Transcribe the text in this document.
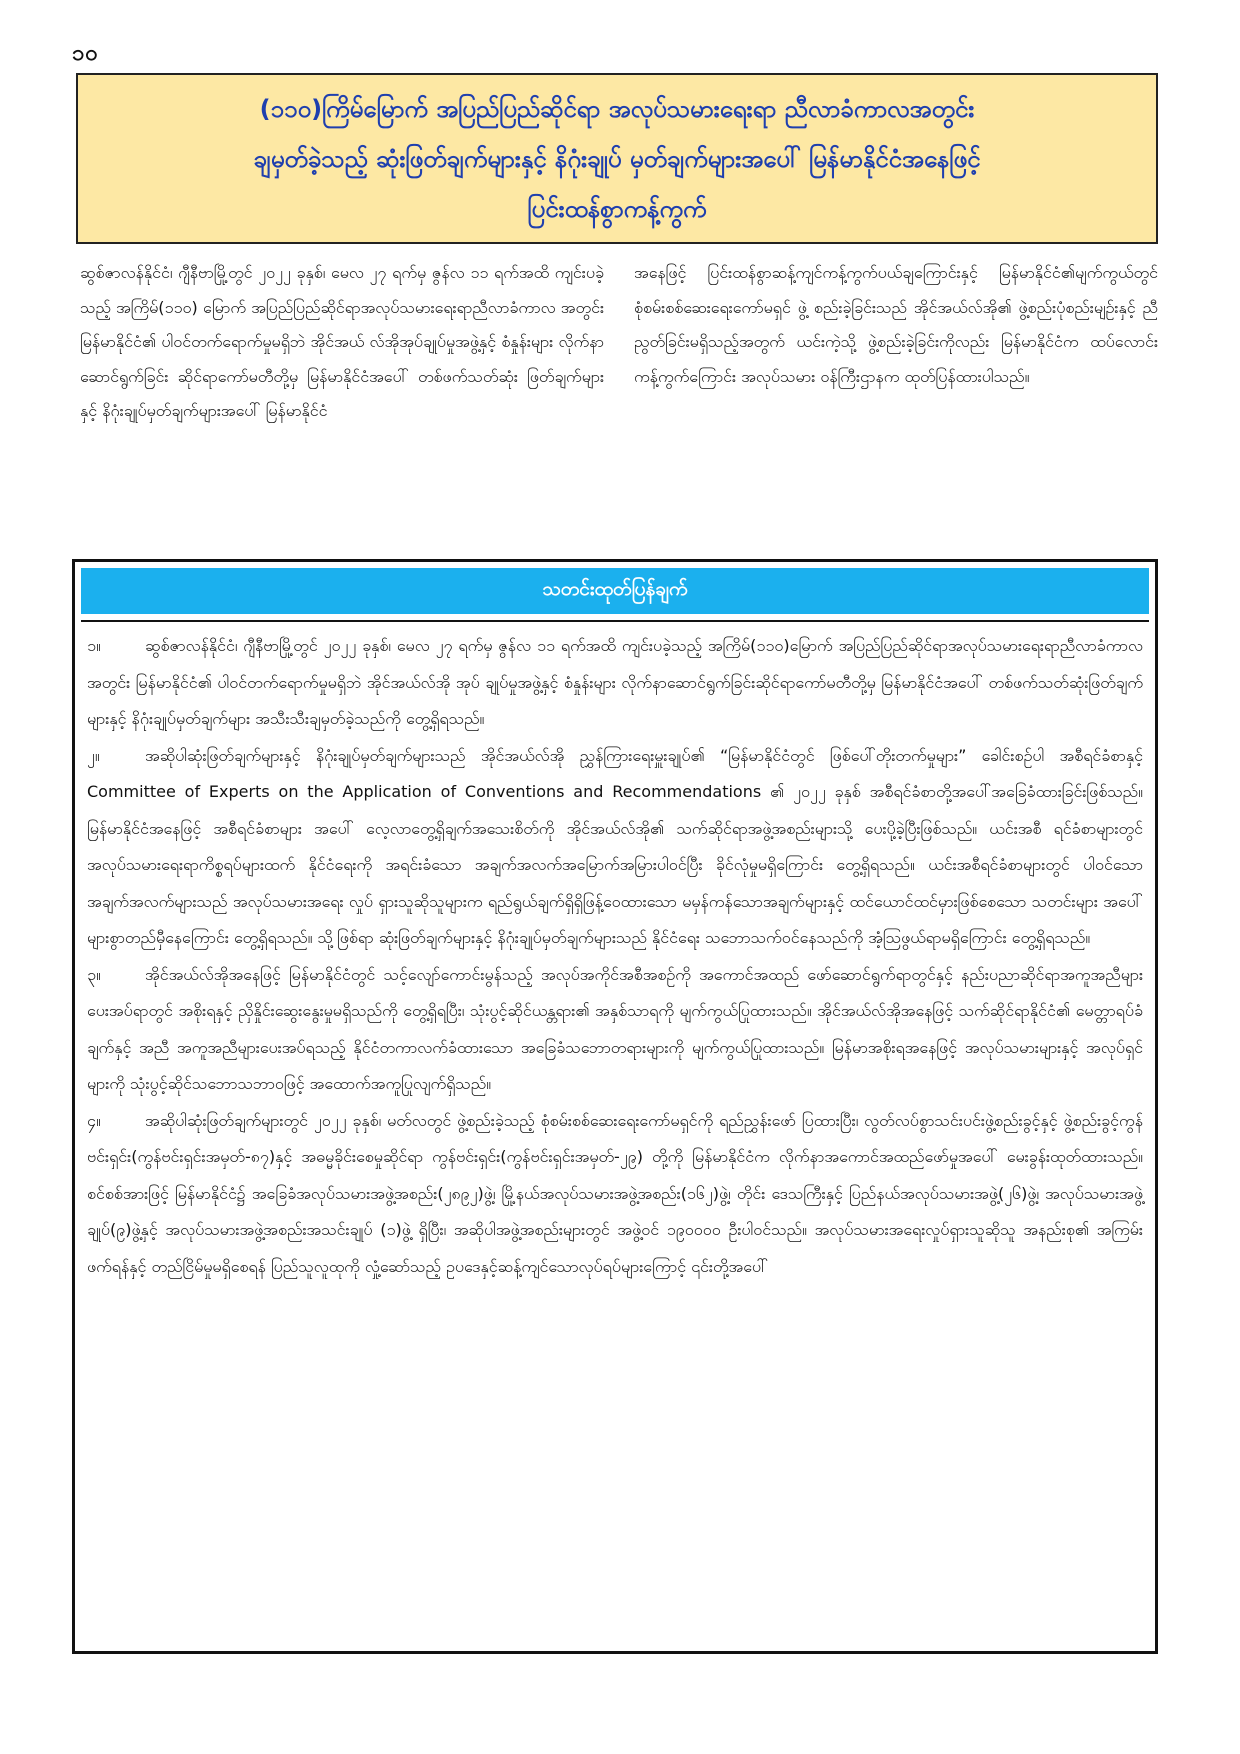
၁၀
(၁၁၀)ကြိမ်မြောက် အပြည်ပြည်ဆိုင်ရာ အလုပ်သမားရေးရာ ညီလာခံကာလအတွင်း
ချမှတ်ခဲ့သည့် ဆုံးဖြတ်ချက်များနှင့် နိဂုံးချုပ် မှတ်ချက်များအပေါ် မြန်မာနိုင်ငံအနေဖြင့်
ပြင်းထန်စွာကန့်ကွက်
ဆွစ်ဇာလန်နိုင်ငံ၊ ဂျီနီဗာမြို့တွင် ၂၀၂၂ ခုနှစ်၊ မေလ ၂၇ ရက်မှ ဇွန်လ ၁၁ ရက်အထိ ကျင်းပခဲ့သည့် အကြိမ်(၁၁၀) မြောက် အပြည်ပြည်ဆိုင်ရာအလုပ်သမားရေးရာညီလာခံကာလ အတွင်း မြန်မာနိုင်ငံ၏ ပါဝင်တက်ရောက်မှုမရှိဘဲ အိုင်အယ် လ်အိုအုပ်ချုပ်မှုအဖွဲ့နှင့် စံနှုန်းများ လိုက်နာဆောင်ရွက်ခြင်း ဆိုင်ရာကော်မတီတို့မှ မြန်မာနိုင်ငံအပေါ် တစ်ဖက်သတ်ဆုံး ဖြတ်ချက်များနှင့် နိဂုံးချုပ်မှတ်ချက်များအပေါ် မြန်မာနိုင်ငံ
အနေဖြင့် ပြင်းထန်စွာဆန့်ကျင်ကန့်ကွက်ပယ်ချကြောင်းနှင့် မြန်မာနိုင်ငံ၏မျက်ကွယ်တွင် စုံစမ်းစစ်ဆေးရေးကော်မရှင် ဖွဲ့ စည်းခဲ့ခြင်းသည် အိုင်အယ်လ်အို၏ ဖွဲ့စည်းပုံစည်းမျဉ်းနှင့် ညီ ညွတ်ခြင်းမရှိသည့်အတွက် ယင်းကဲ့သို့ ဖွဲ့စည်းခဲ့ခြင်းကိုလည်း မြန်မာနိုင်ငံက ထပ်လောင်းကန့်ကွက်ကြောင်း အလုပ်သမား ဝန်ကြီးဌာနက ထုတ်ပြန်ထားပါသည်။
သတင်းထုတ်ပြန်ချက်

၁။	ဆွစ်ဇာလန်နိုင်ငံ၊ ဂျီနီဗာမြို့တွင် ၂၀၂၂ ခုနှစ်၊ မေလ ၂၇ ရက်မှ ဇွန်လ ၁၁ ရက်အထိ ကျင်းပခဲ့သည့် အကြိမ်(၁၁၀)မြောက် အပြည်ပြည်ဆိုင်ရာအလုပ်သမားရေးရာညီလာခံကာလအတွင်း မြန်မာနိုင်ငံ၏ ပါဝင်တက်ရောက်မှုမရှိဘဲ အိုင်အယ်လ်အို အုပ် ချုပ်မှုအဖွဲ့နှင့် စံနှုန်းများ လိုက်နာဆောင်ရွက်ခြင်းဆိုင်ရာကော်မတီတို့မှ မြန်မာနိုင်ငံအပေါ် တစ်ဖက်သတ်ဆုံးဖြတ်ချက်များနှင့် နိဂုံးချုပ်မှတ်ချက်များ အသီးသီးချမှတ်ခဲ့သည်ကို တွေ့ရှိရသည်။

၂။	အဆိုပါဆုံးဖြတ်ချက်များနှင့် နိဂုံးချုပ်မှတ်ချက်များသည် အိုင်အယ်လ်အို ညွှန်ကြားရေးမှူးချုပ်၏ “မြန်မာနိုင်ငံတွင် ဖြစ်ပေါ်တိုးတက်မှုများ” ခေါင်းစဉ်ပါ အစီရင်ခံစာနှင့် Committee of Experts on the Application of Conventions and Recommendations ၏ ၂၀၂၂ ခုနှစ် အစီရင်ခံစာတို့အပေါ်အခြေခံထားခြင်းဖြစ်သည်။ မြန်မာနိုင်ငံအနေဖြင့် အစီရင်ခံစာများ အပေါ် လေ့လာတွေ့ရှိချက်အသေးစိတ်ကို အိုင်အယ်လ်အို၏ သက်ဆိုင်ရာအဖွဲ့အစည်းများသို့ ပေးပို့ခဲ့ပြီးဖြစ်သည်။ ယင်းအစီ ရင်ခံစာများတွင် အလုပ်သမားရေးရာကိစ္စရပ်များထက် နိုင်ငံရေးကို အရင်းခံသော အချက်အလက်အမြောက်အမြားပါဝင်ပြီး ခိုင်လုံမှုမရှိကြောင်း တွေ့ရှိရသည်။ ယင်းအစီရင်ခံစာများတွင် ပါဝင်သောအချက်အလက်များသည် အလုပ်သမားအရေး လှုပ် ရှားသူဆိုသူများက ရည်ရွယ်ချက်ရှိရှိဖြန့်ဝေထားသော မမှန်ကန်သောအချက်များနှင့် ထင်ယောင်ထင်မှားဖြစ်စေသော သတင်းများ အပေါ် များစွာတည်မှီနေကြောင်း တွေ့ရှိရသည်။ သို့ဖြစ်ရာ ဆုံးဖြတ်ချက်များနှင့် နိဂုံးချုပ်မှတ်ချက်များသည် နိုင်ငံရေး သဘောသက်ဝင်နေသည်ကို အံ့သြဖွယ်ရာမရှိကြောင်း တွေ့ရှိရသည်။

၃။	အိုင်အယ်လ်အိုအနေဖြင့် မြန်မာနိုင်ငံတွင် သင့်လျော်ကောင်းမွန်သည့် အလုပ်အကိုင်အစီအစဉ်ကို အကောင်အထည် ဖော်ဆောင်ရွက်ရာတွင်နှင့် နည်းပညာဆိုင်ရာအကူအညီများပေးအပ်ရာတွင် အစိုးရနှင့် ညှိနှိုင်းဆွေးနွေးမှုမရှိသည်ကို တွေ့ရှိရပြီး၊ သုံးပွင့်ဆိုင်ယန္တရား၏ အနှစ်သာရကို မျက်ကွယ်ပြုထားသည်။ အိုင်အယ်လ်အိုအနေဖြင့် သက်ဆိုင်ရာနိုင်ငံ၏ မေတ္တာရပ်ခံချက်နှင့် အညီ အကူအညီများပေးအပ်ရသည့် နိုင်ငံတကာလက်ခံထားသော အခြေခံသဘောတရားများကို မျက်ကွယ်ပြုထားသည်။ မြန်မာအစိုးရအနေဖြင့် အလုပ်သမားများနှင့် အလုပ်ရှင်များကို သုံးပွင့်ဆိုင်သဘောသဘာဝဖြင့် အထောက်အကူပြုလျက်ရှိသည်။

၄။	အဆိုပါဆုံးဖြတ်ချက်များတွင် ၂၀၂၂ ခုနှစ်၊ မတ်လတွင် ဖွဲ့စည်းခဲ့သည့် စုံစမ်းစစ်ဆေးရေးကော်မရှင်ကို ရည်ညွှန်းဖော် ပြထားပြီး၊ လွတ်လပ်စွာသင်းပင်းဖွဲ့စည်းခွင့်နှင့် ဖွဲ့စည်းခွင့်ကွန်ဗင်းရှင်း(ကွန်ဗင်းရှင်းအမှတ်-၈၇)နှင့် အဓမ္မခိုင်းစေမှုဆိုင်ရာ ကွန်ဗင်းရှင်း(ကွန်ဗင်းရှင်းအမှတ်-၂၉) တို့ကို မြန်မာနိုင်ငံက လိုက်နာအကောင်အထည်ဖော်မှုအပေါ် မေးခွန်းထုတ်ထားသည်။ စင်စစ်အားဖြင့် မြန်မာနိုင်ငံ၌ အခြေခံအလုပ်သမားအဖွဲ့အစည်း(၂၈၉၂)ဖွဲ့၊ မြို့နယ်အလုပ်သမားအဖွဲ့အစည်း(၁၆၂)ဖွဲ့၊ တိုင်း ဒေသကြီးနှင့် ပြည်နယ်အလုပ်သမားအဖွဲ့(၂၆)ဖွဲ့၊ အလုပ်သမားအဖွဲ့ချုပ်(၉)ဖွဲ့နှင့် အလုပ်သမားအဖွဲ့အစည်းအသင်းချုပ် (၁)ဖွဲ့ ရှိပြီး၊ အဆိုပါအဖွဲ့အစည်းများတွင် အဖွဲ့ဝင် ၁၉၀၀၀၀ ဦးပါဝင်သည်။ အလုပ်သမားအရေးလှုပ်ရှားသူဆိုသူ အနည်းစု၏ အကြမ်း ဖက်ရန်နှင့် တည်ငြိမ်မှုမရှိစေရန် ပြည်သူလူထုကို လှုံ့ဆော်သည့် ဥပဒေနှင့်ဆန့်ကျင်သောလုပ်ရပ်များကြောင့် ၎င်းတို့အပေါ်
